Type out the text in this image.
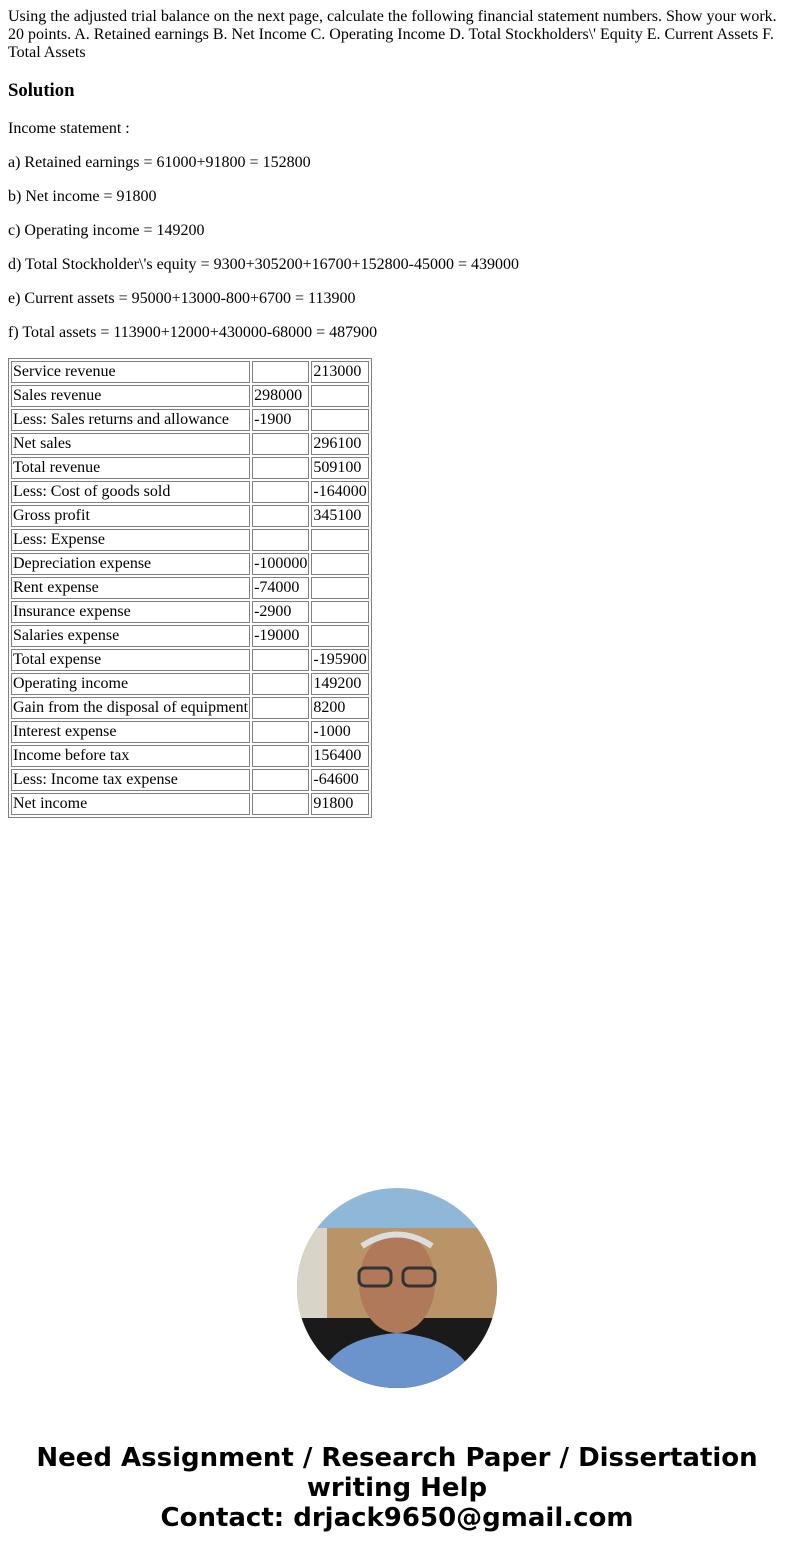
Using the adjusted trial balance on the next page, calculate the following financial statement numbers. Show your work. 20 points. A. Retained earnings B. Net Income C. Operating Income D. Total Stockholders\' Equity E. Current Assets F. Total Assets

Solution

Income statement :

a) Retained earnings = 61000+91800 = 152800

b) Net income = 91800

c) Operating income = 149200

d) Total Stockholder\'s equity = 9300+305200+16700+152800-45000 = 439000

e) Current assets = 95000+13000-800+6700 = 113900

f) Total assets = 113900+12000+430000-68000 = 487900

Service revenue		213000
Sales revenue	298000	
Less: Sales returns and allowance	-1900	
Net sales		296100
Total revenue		509100
Less: Cost of goods sold		-164000
Gross profit		345100
Less: Expense		
Depreciation expense	-100000	
Rent expense	-74000	
Insurance expense	-2900	
Salaries expense	-19000	
Total expense		-195900
Operating income		149200
Gain from the disposal of equipment		8200
Interest expense		-1000
Income before tax		156400
Less: Income tax expense		-64600
Net income		91800
Need Assignment / Research Paper / Dissertation
writing Help
Contact: drjack9650@gmail.com
